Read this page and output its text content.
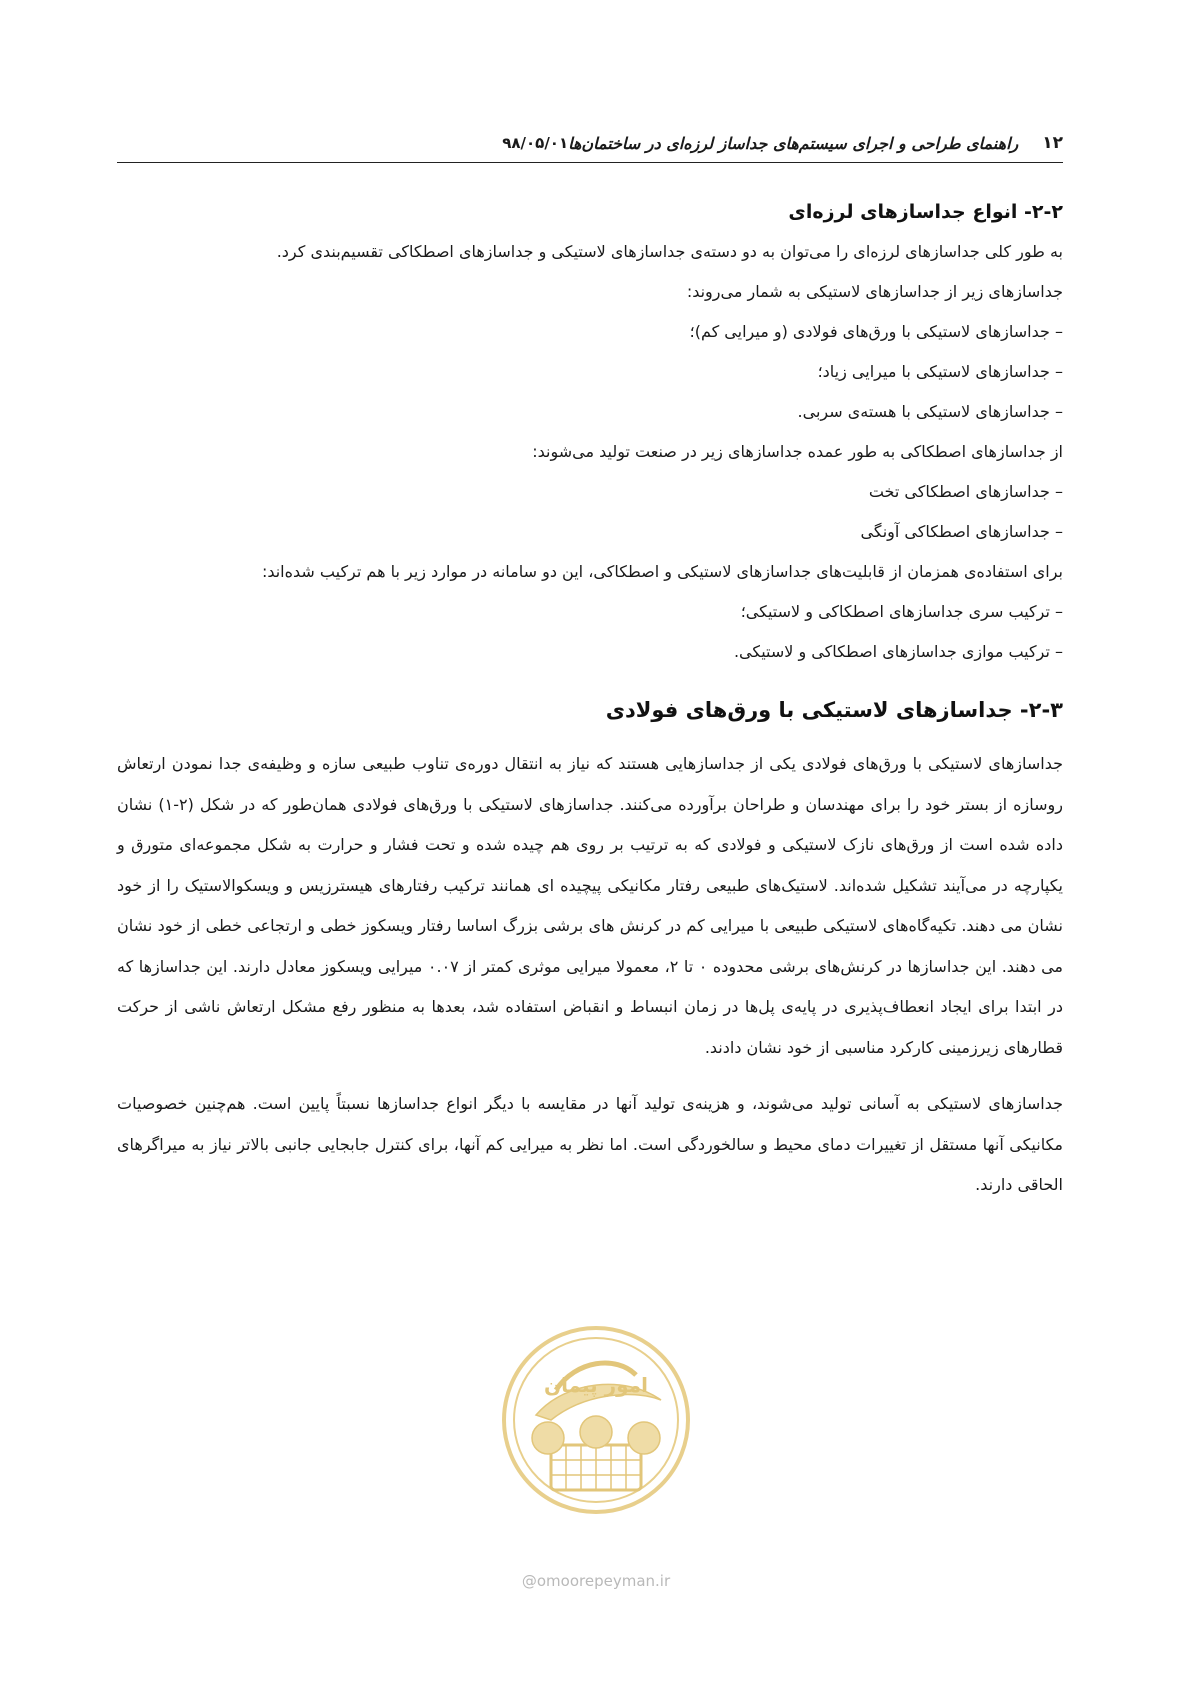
۱۲
راهنمای طراحی و اجرای سیستم‌های جداساز لرزه‌ای در ساختمان‌ها
۹۸/۰۵/۰۱
۲-۲- انواع جداسازهای لرزه‌ای
به طور کلی جداسازهای لرزه‌ای را می‌توان به دو دسته‌ی جداسازهای لاستیکی و جداسازهای اصطکاکی تقسیم‌بندی کرد.
جداسازهای زیر از جداسازهای لاستیکی به شمار می‌روند:
– جداسازهای لاستیکی با ورق‌های فولادی (و میرایی کم)؛
– جداسازهای لاستیکی با میرایی زیاد؛
– جداسازهای لاستیکی با هسته‌ی سربی.
از جداسازهای اصطکاکی به طور عمده جداسازهای زیر در صنعت تولید می‌شوند:
– جداسازهای اصطکاکی تخت
– جداسازهای اصطکاکی آونگی
برای استفاده‌ی همزمان از قابلیت‌های جداسازهای لاستیکی و اصطکاکی، این دو سامانه در موارد زیر با هم ترکیب شده‌اند:
– ترکیب سری جداسازهای اصطکاکی و لاستیکی؛
– ترکیب موازی جداسازهای اصطکاکی و لاستیکی.
۲-۳- جداسازهای لاستیکی با ورق‌های فولادی

جداسازهای لاستیکی با ورق‌های فولادی یکی از جداسازهایی هستند که نیاز به انتقال دوره‌ی تناوب طبیعی سازه و وظیفه‌ی جدا نمودن ارتعاش روسازه از بستر خود را برای مهندسان و طراحان برآورده می‌کنند. جداسازهای لاستیکی با ورق‌های فولادی همان‌طور که در شکل (۲-۱) نشان داده شده است از ورق‌های نازک لاستیکی و فولادی که به ترتیب بر روی هم چیده شده و تحت فشار و حرارت به شکل مجموعه‌ای متورق و یکپارچه در می‌آیند تشکیل شده‌اند. لاستیک‌های طبیعی رفتار مکانیکی پیچیده ای همانند ترکیب رفتارهای هیسترزیس و ویسکوالاستیک را از خود نشان می دهند. تکیه‌گاه‌های لاستیکی طبیعی با میرایی کم در کرنش های برشی بزرگ اساسا رفتار ویسکوز خطی و ارتجاعی خطی از خود نشان می دهند. این جداسازها در کرنش‌های برشی محدوده ۰ تا ۲، معمولا میرایی موثری کمتر از ۰.۰۷ میرایی ویسکوز معادل دارند. این جداسازها که در ابتدا برای ایجاد انعطاف‌پذیری در پایه‌ی پل‌ها در زمان انبساط و انقباض استفاده شد، بعدها به منظور رفع مشکل ارتعاش ناشی از حرکت قطارهای زیرزمینی کارکرد مناسبی از خود نشان دادند.

جداسازهای لاستیکی به آسانی تولید می‌شوند، و هزینه‌ی تولید آنها در مقایسه با دیگر انواع جداسازها نسبتاً پایین است. هم‌چنین خصوصیات مکانیکی آنها مستقل از تغییرات دمای محیط و سالخوردگی است. اما نظر به میرایی کم آنها، برای کنترل جابجایی جانبی بالاتر نیاز به میراگرهای الحاقی دارند.

امور پیمان
@omoorepeyman.ir
